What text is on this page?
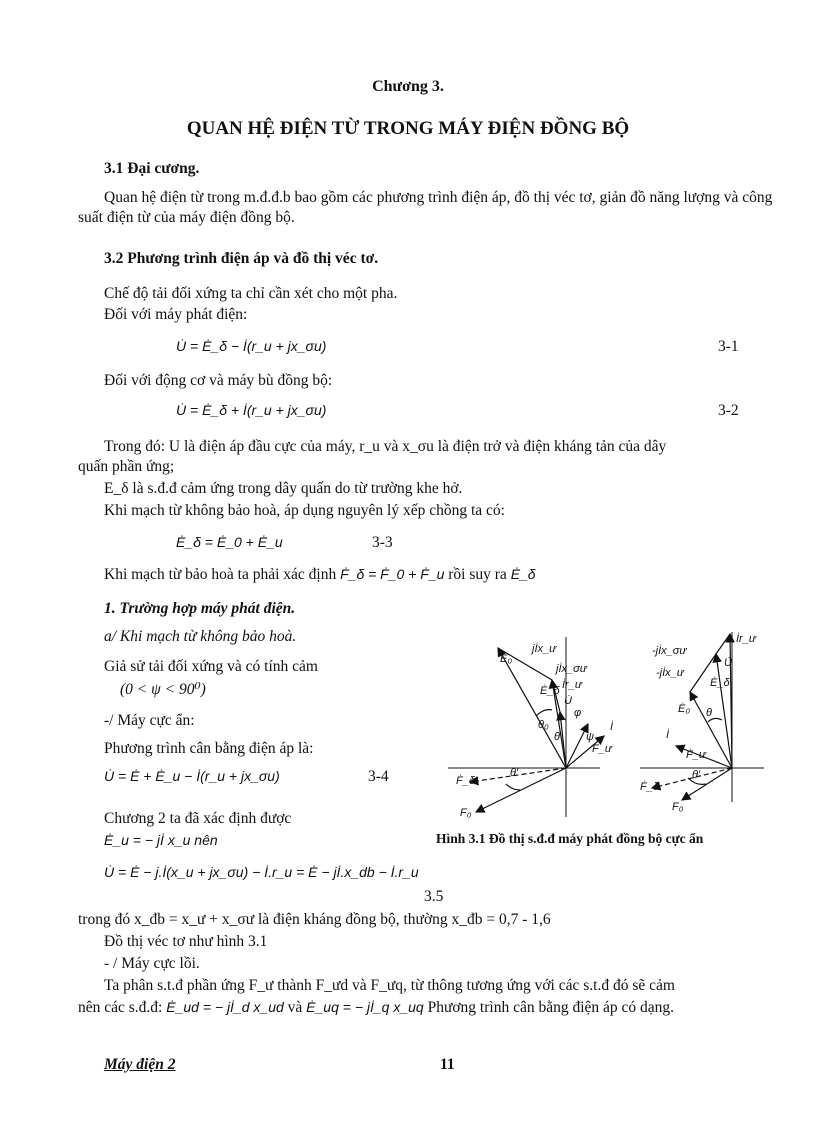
Chương 3.
QUAN HỆ ĐIỆN TỪ TRONG MÁY ĐIỆN ĐỒNG BỘ
3.1 Đại cương.
Quan hệ điện từ trong m.đ.đ.b bao gồm các phương trình điện áp, đồ thị véc tơ, giản đồ năng lượng và công suất điện từ của máy điện đồng bộ.
3.2 Phương trình điện áp và đồ thị véc tơ.
Chế độ tải đối xứng ta chỉ cần xét cho một pha.
Đối với máy phát điện:
U̇ = Ė_δ − İ(r_u + jx_σu)	3-1
Đối với động cơ và máy bù đồng bộ:
U̇ = Ė_δ + İ(r_u + jx_σu)	3-2
Trong đó: U là điện áp đầu cực của máy, r_u và x_σu là điện trở và điện kháng tản của dây
quấn phần ứng;
E_δ là s.đ.đ cảm ứng trong dây quấn do từ trường khe hở.
Khi mạch từ không bảo hoà, áp dụng nguyên lý xếp chồng ta có:
Ė_δ = Ė_0 + Ė_u	3-3
Khi mạch từ bảo hoà ta phải xác định Ḟ_δ = Ḟ_0 + Ḟ_u rồi suy ra Ė_δ
1. Trường hợp máy phát điện.
a/ Khi mạch từ không bảo hoà.
Giả sử tải đối xứng và có tính cảm
(0 < ψ < 90⁰)
-/ Máy cực ẩn:
Phương trình cân bằng điện áp là:
U̇ = Ė + Ė_u − İ(r_u + jx_σu)	3-4
Chương 2 ta đã xác định được
Ė_u = − jİ x_u nên
U̇ = Ė − j.İ(x_u + jx_σu) − İ.r_u = Ė − jİ.x_db − İ.r_u
3.5
trong đó x_đb = x_ư + x_σư là điện kháng đồng bộ, thường x_đb = 0,7 - 1,6
Đồ thị véc tơ như hình 3.1
- / Máy cực lồi.
Ta phân s.t.đ phần ứng F_ư thành F_ưd và F_ưq, từ thông tương ứng với các s.t.đ đó sẽ cảm
nên các s.đ.đ: Ė_ud = − jİ_d x_ud và Ė_uq = − jİ_q x_uq Phương trình cân bằng điện áp có dạng.
Ė₀
jİx_ư
jİx_σư
İr_ư
Ė_δ
U̇
θ₀
θ
φ
ψ
İ
F_ư
Ḟ_δ
θ'
F₀
İr_ư
-jİx_σư
-jİx_ư
U̇
Ė_δ
Ė₀
İ
θ
Ḟ_ư
θ'
Ḟ_δ
F₀
Hình 3.1 Đồ thị s.đ.đ máy phát đồng bộ cực ẩn
Máy điện 2	11
